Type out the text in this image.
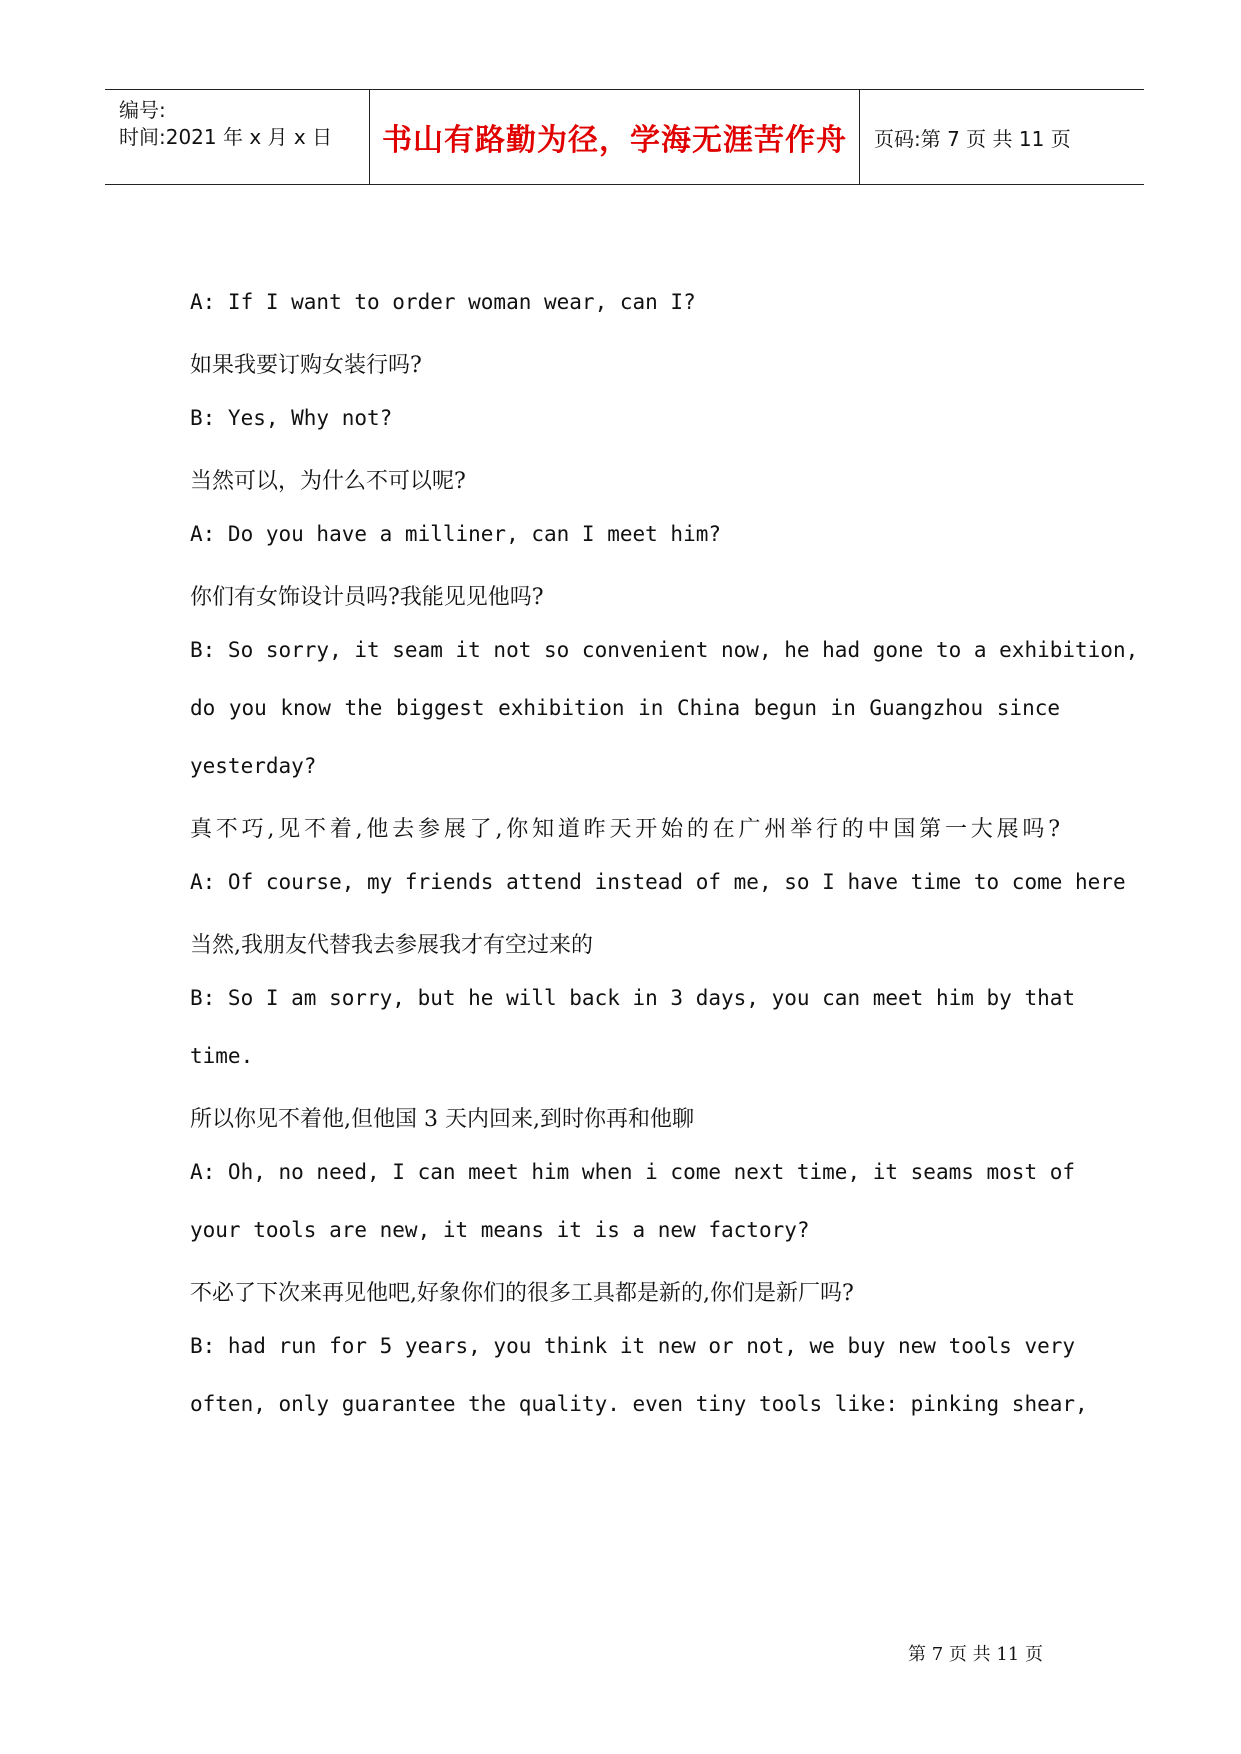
编号:
时间:2021 年 x 月 x 日 书山有路勤为径，学海无涯苦作舟 页码:第 7 页 共 11 页
A: If I want to order woman wear, can I?
如果我要订购女装行吗?
B: Yes, Why not?
当然可以，为什么不可以呢?
A: Do you have a milliner, can I meet him?
你们有女饰设计员吗?我能见见他吗?
B: So sorry, it seam it not so convenient now, he had gone to a exhibition,
do you know the biggest exhibition in China begun in Guangzhou since
yesterday?
真不巧,见不着,他去参展了,你知道昨天开始的在广州举行的中国第一大展吗?
A: Of course, my friends attend instead of me, so I have time to come here
当然,我朋友代替我去参展我才有空过来的
B: So I am sorry, but he will back in 3 days, you can meet him by that
time.
所以你见不着他,但他国 3 天内回来,到时你再和他聊
A: Oh, no need, I can meet him when i come next time, it seams most of
your tools are new, it means it is a new factory?
不必了下次来再见他吧,好象你们的很多工具都是新的,你们是新厂吗?
B: had run for 5 years, you think it new or not, we buy new tools very
often, only guarantee the quality. even tiny tools like: pinking shear,
第 7 页 共 11 页
